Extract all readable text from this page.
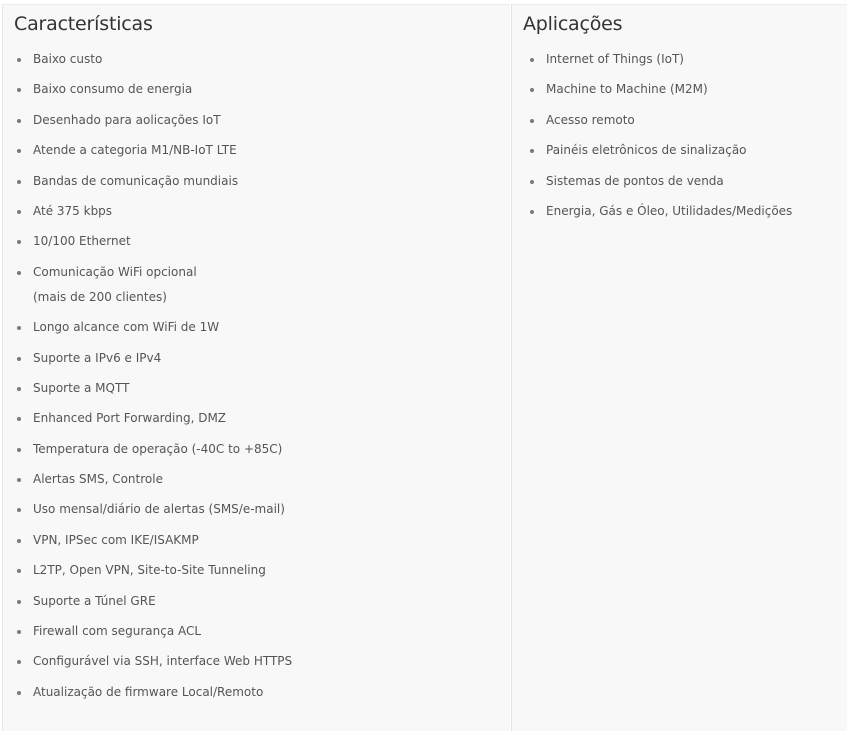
Características
Baixo custo
Baixo consumo de energia
Desenhado para aolicações IoT
Atende a categoria M1/NB-IoT LTE
Bandas de comunicação mundiais
Até 375 kbps
10/100 Ethernet
Comunicação WiFi opcional
(mais de 200 clientes)
Longo alcance com WiFi de 1W
Suporte a IPv6 e IPv4
Suporte a MQTT
Enhanced Port Forwarding, DMZ
Temperatura de operação (-40C to +85C)
Alertas SMS, Controle
Uso mensal/diário de alertas (SMS/e-mail)
VPN, IPSec com IKE/ISAKMP
L2TP, Open VPN, Site-to-Site Tunneling
Suporte a Túnel GRE
Firewall com segurança ACL
Configurável via SSH, interface Web HTTPS
Atualização de firmware Local/Remoto
Aplicações
Internet of Things (IoT)
Machine to Machine (M2M)
Acesso remoto
Painéis eletrônicos de sinalização
Sistemas de pontos de venda
Energia, Gás e Óleo, Utilidades/Medições
